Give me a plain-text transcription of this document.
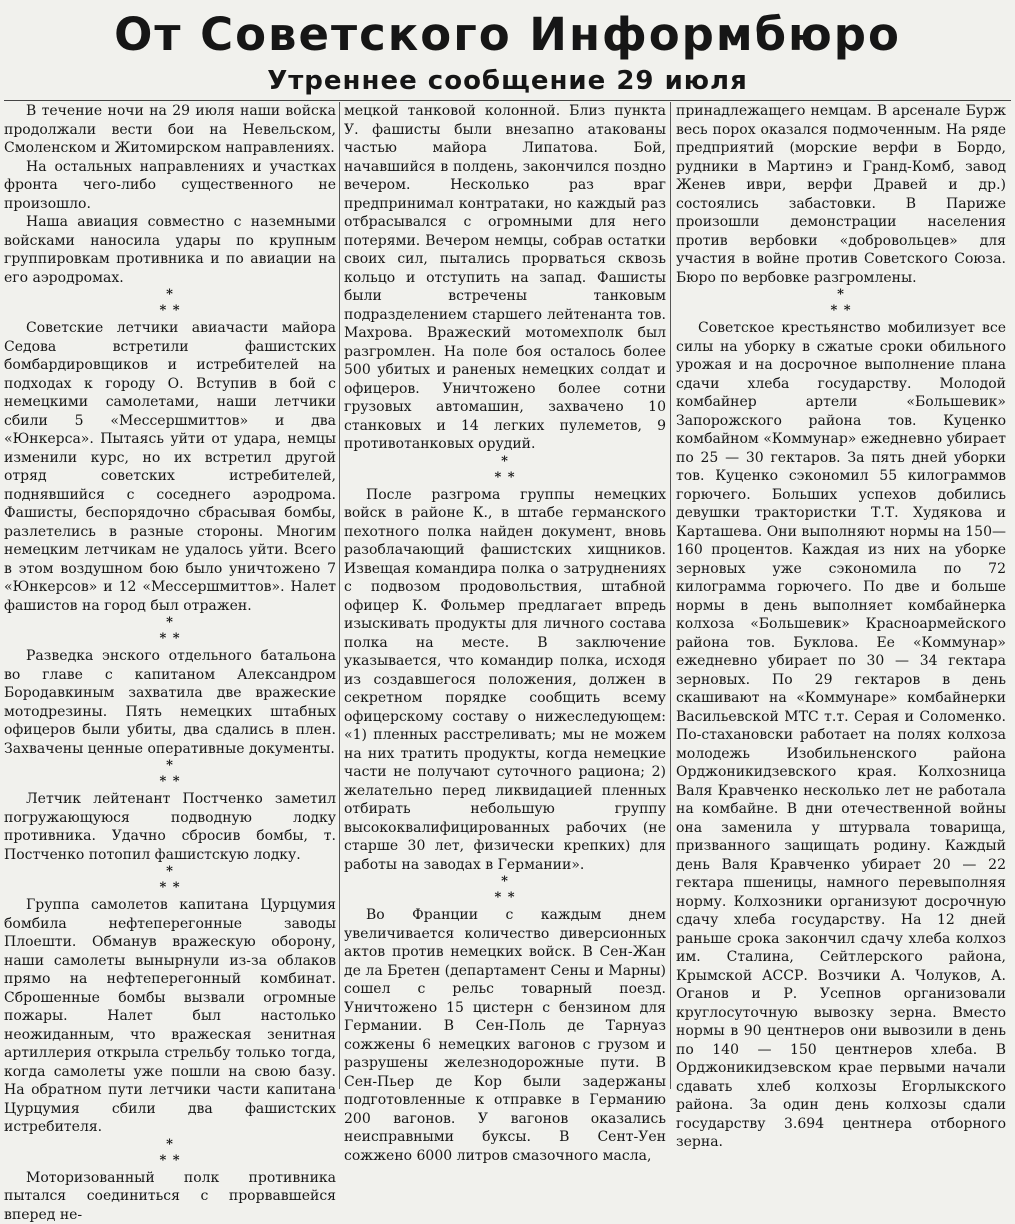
От Советского Информбюро
Утреннее сообщение 29 июля

В течение ночи на 29 июля наши войска продолжали вести бои на Невельском, Смоленском и Житомирском направлениях.

На остальных направлениях и участках фронта чего-либо существенного не произошло.

Наша авиация совместно с наземными войсками наносила удары по крупным группировкам противника и по авиации на его аэродромах.

*
* *

Советские летчики авиачасти майора Седова встретили фашистских бомбардировщиков и истребителей на подходах к городу О. Вступив в бой с немецкими самолетами, наши летчики сбили 5 «Мессершмиттов» и два «Юнкерса». Пытаясь уйти от удара, немцы изменили курс, но их встретил другой отряд советских истребителей, поднявшийся с соседнего аэродрома. Фашисты, беспорядочно сбрасывая бомбы, разлетелись в разные стороны. Многим немецким летчикам не удалось уйти. Всего в этом воздушном бою было уничтожено 7 «Юнкерсов» и 12 «Мессершмиттов». Налет фашистов на город был отражен.

*
* *

Разведка энского отдельного батальона во главе с капитаном Александром Бородавкиным захватила две вражеские мотодрезины. Пять немецких штабных офицеров были убиты, два сдались в плен. Захвачены ценные оперативные документы.

*
* *

Летчик лейтенант Постченко заметил погружающуюся подводную лодку противника. Удачно сбросив бомбы, т. Постченко потопил фашистскую лодку.

*
* *

Группа самолетов капитана Цурцумия бомбила нефтеперегонные заводы Плоешти. Обманув вражескую оборону, наши самолеты вынырнули из-за облаков прямо на нефтеперегонный комбинат. Сброшенные бомбы вызвали огромные пожары. Налет был настолько неожиданным, что вражеская зенитная артиллерия открыла стрельбу только тогда, когда самолеты уже пошли на свою базу. На обратном пути летчики части капитана Цурцумия сбили два фашистских истребителя.

*
* *

Моторизованный полк противника пытался соединиться с прорвавшейся вперед не-

мецкой танковой колонной. Близ пункта У. фашисты были внезапно атакованы частью майора Липатова. Бой, начавшийся в полдень, закончился поздно вечером. Несколько раз враг предпринимал контратаки, но каждый раз отбрасывался с огромными для него потерями. Вечером немцы, собрав остатки своих сил, пытались прорваться сквозь кольцо и отступить на запад. Фашисты были встречены танковым подразделением старшего лейтенанта тов. Махрова. Вражеский мотомехполк был разгромлен. На поле боя осталось более 500 убитых и раненых немецких солдат и офицеров. Уничтожено более сотни грузовых автомашин, захвачено 10 станковых и 14 легких пулеметов, 9 противотанковых орудий.

*
* *

После разгрома группы немецких войск в районе К., в штабе германского пехотного полка найден документ, вновь разоблачающий фашистских хищников. Извещая командира полка о затруднениях с подвозом продовольствия, штабной офицер К. Фольмер предлагает впредь изыскивать продукты для личного состава полка на месте. В заключение указывается, что командир полка, исходя из создавшегося положения, должен в секретном порядке сообщить всему офицерскому составу о нижеследующем: «1) пленных расстреливать; мы не можем на них тратить продукты, когда немецкие части не получают суточного рациона; 2) желательно перед ликвидацией пленных отбирать небольшую группу высококвалифицированных рабочих (не старше 30 лет, физически крепких) для работы на заводах в Германии».

*
* *

Во Франции с каждым днем увеличивается количество диверсионных актов против немецких войск. В Сен-Жан де ла Бретен (департамент Сены и Марны) сошел с рельс товарный поезд. Уничтожено 15 цистерн с бензином для Германии. В Сен-Поль де Тарнуаз сожжены 6 немецких вагонов с грузом и разрушены железнодорожные пути. В Сен-Пьер де Кор были задержаны подготовленные к отправке в Германию 200 вагонов. У вагонов оказались неисправными буксы. В Сент-Уен сожжено 6000 литров смазочного масла,

принадлежащего немцам. В арсенале Бурж весь порох оказался подмоченным. На ряде предприятий (морские верфи в Бордо, рудники в Мартинэ и Гранд-Комб, завод Женев иври, верфи Дравей и др.) состоялись забастовки. В Париже произошли демонстрации населения против вербовки «добровольцев» для участия в войне против Советского Союза. Бюро по вербовке разгромлены.

*
* *

Советское крестьянство мобилизует все силы на уборку в сжатые сроки обильного урожая и на досрочное выполнение плана сдачи хлеба государству. Молодой комбайнер артели «Большевик» Запорожского района тов. Куценко комбайном «Коммунар» ежедневно убирает по 25 — 30 гектаров. За пять дней уборки тов. Куценко сэкономил 55 килограммов горючего. Больших успехов добились девушки трактористки Т.Т. Худякова и Карташева. Они выполняют нормы на 150—160 процентов. Каждая из них на уборке зерновых уже сэкономила по 72 килограмма горючего. По две и больше нормы в день выполняет комбайнерка колхоза «Большевик» Красноармейского района тов. Буклова. Ее «Коммунар» ежедневно убирает по 30 — 34 гектара зерновых. По 29 гектаров в день скашивают на «Коммунаре» комбайнерки Васильевской МТС т.т. Серая и Соломенко. По-стахановски работает на полях колхоза молодежь Изобильненского района Орджоникидзевского края. Колхозница Валя Кравченко несколько лет не работала на комбайне. В дни отечественной войны она заменила у штурвала товарища, призванного защищать родину. Каждый день Валя Кравченко убирает 20 — 22 гектара пшеницы, намного перевыполняя норму. Колхозники организуют досрочную сдачу хлеба государству. На 12 дней раньше срока закончил сдачу хлеба колхоз им. Сталина, Сейтлерского района, Крымской АССР. Возчики А. Чолуков, А. Оганов и Р. Усепнов организовали круглосуточную вывозку зерна. Вместо нормы в 90 центнеров они вывозили в день по 140 — 150 центнеров хлеба. В Орджоникидзевском крае первыми начали сдавать хлеб колхозы Егорлыкского района. За один день колхозы сдали государству 3.694 центнера отборного зерна.
